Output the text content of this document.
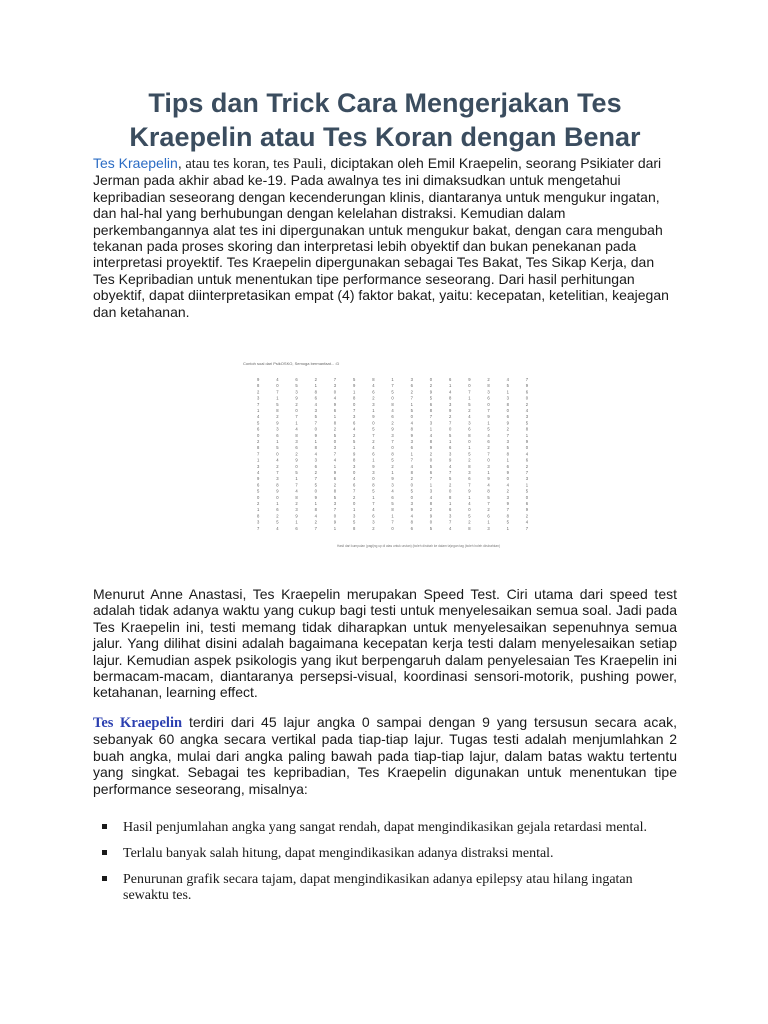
Tips dan Trick Cara Mengerjakan Tes Kraepelin atau Tes Koran dengan Benar

Tes Kraepelin, atau tes koran, tes Pauli, diciptakan oleh Emil Kraepelin, seorang Psikiater dari Jerman pada akhir abad ke-19. Pada awalnya tes ini dimaksudkan untuk mengetahui kepribadian seseorang dengan kecenderungan klinis, diantaranya untuk mengukur ingatan, dan hal-hal yang berhubungan dengan kelelahan distraksi. Kemudian dalam perkembangannya alat tes ini dipergunakan untuk mengukur bakat, dengan cara mengubah tekanan pada proses skoring dan interpretasi lebih obyektif dan bukan penekanan pada interpretasi proyektif. Tes Kraepelin dipergunakan sebagai Tes Bakat, Tes Sikap Kerja, dan Tes Kepribadian untuk menentukan tipe performance seseorang. Dari hasil perhitungan obyektif, dapat diinterpretasikan empat (4) faktor bakat, yaitu: kecepatan, ketelitian, keajegan dan ketahanan.

Contoh soal dari PsikOSKO, Semoga bermanfaat... :D
9
8
2
3
7
1
4
5
6
0
2
8
7
1
3
4
9
6
5
0
2
1
8
3
7
4
0
7
1
5
8
2
9
3
6
1
5
0
4
2
7
3
8
9
0
1
6
2
5
4
6
5
3
9
2
0
7
1
4
8
3
6
2
9
0
5
1
7
4
8
2
3
9
1
6
2
1
8
6
4
3
5
7
0
9
1
8
4
3
6
2
7
5
0
9
1
8
4
2
7
7
3
0
4
9
6
1
8
2
5
0
3
7
4
1
9
6
2
8
5
3
7
0
9
1
5
9
1
8
0
7
3
6
4
2
5
1
9
8
3
0
4
6
7
2
0
1
3
5
8
8
4
6
2
3
1
9
0
5
7
2
4
6
1
9
3
0
8
5
1
7
4
6
3
2
1
7
5
0
8
4
6
2
9
3
7
0
8
5
2
1
9
3
4
6
5
8
1
7
0
3
6
2
7
1
5
0
4
8
9
3
6
1
7
4
8
2
0
5
0
3
9
4
8
6
0
2
9
5
6
8
7
3
1
4
8
9
2
0
5
6
7
1
3
4
8
2
9
0
5
6
1
4
8
3
9
2
7
0
5
1
6
3
9
4
7
5
2
0
8
1
6
3
7
4
9
0
7
1
5
2
4
3
6
8
0
1
5
2
8
3
6
7
9
1
4
0
5
2
8
2
8
3
6
0
7
9
1
5
4
6
2
7
0
3
1
9
4
8
5
7
2
6
1
3
4
5
1
3
8
0
6
9
2
7
3
5
8
1
6
9
0
4
2
3
9
7
8
5
1
7
9
6
0
2
4
3
5
8
1
9
0
4
6
2
7
3
1
5
0
6
9
2
4
7
Hasil dari kumpulan (pagi|ng up di atas untuk urutan) (boleh dirubah ke dalam ta)ngan tag (boleh boleh dirubahkan)

Menurut Anne Anastasi, Tes Kraepelin merupakan Speed Test. Ciri utama dari speed test adalah tidak adanya waktu yang cukup bagi testi untuk menyelesaikan semua soal. Jadi pada Tes Kraepelin ini, testi memang tidak diharapkan untuk menyelesaikan sepenuhnya semua jalur. Yang dilihat disini adalah bagaimana kecepatan kerja testi dalam menyelesaikan setiap lajur. Kemudian aspek psikologis yang ikut berpengaruh dalam penyelesaian Tes Kraepelin ini bermacam-macam, diantaranya persepsi-visual, koordinasi sensori-motorik, pushing power, ketahanan, learning effect.

Tes Kraepelin terdiri dari 45 lajur angka 0 sampai dengan 9 yang tersusun secara acak, sebanyak 60 angka secara vertikal pada tiap-tiap lajur. Tugas testi adalah menjumlahkan 2 buah angka, mulai dari angka paling bawah pada tiap-tiap lajur, dalam batas waktu tertentu yang singkat. Sebagai tes kepribadian, Tes Kraepelin digunakan untuk menentukan tipe performance seseorang, misalnya:

Hasil penjumlahan angka yang sangat rendah, dapat mengindikasikan gejala retardasi mental.
Terlalu banyak salah hitung, dapat mengindikasikan adanya distraksi mental.
Penurunan grafik secara tajam, dapat mengindikasikan adanya epilepsy atau hilang ingatan sewaktu tes.
